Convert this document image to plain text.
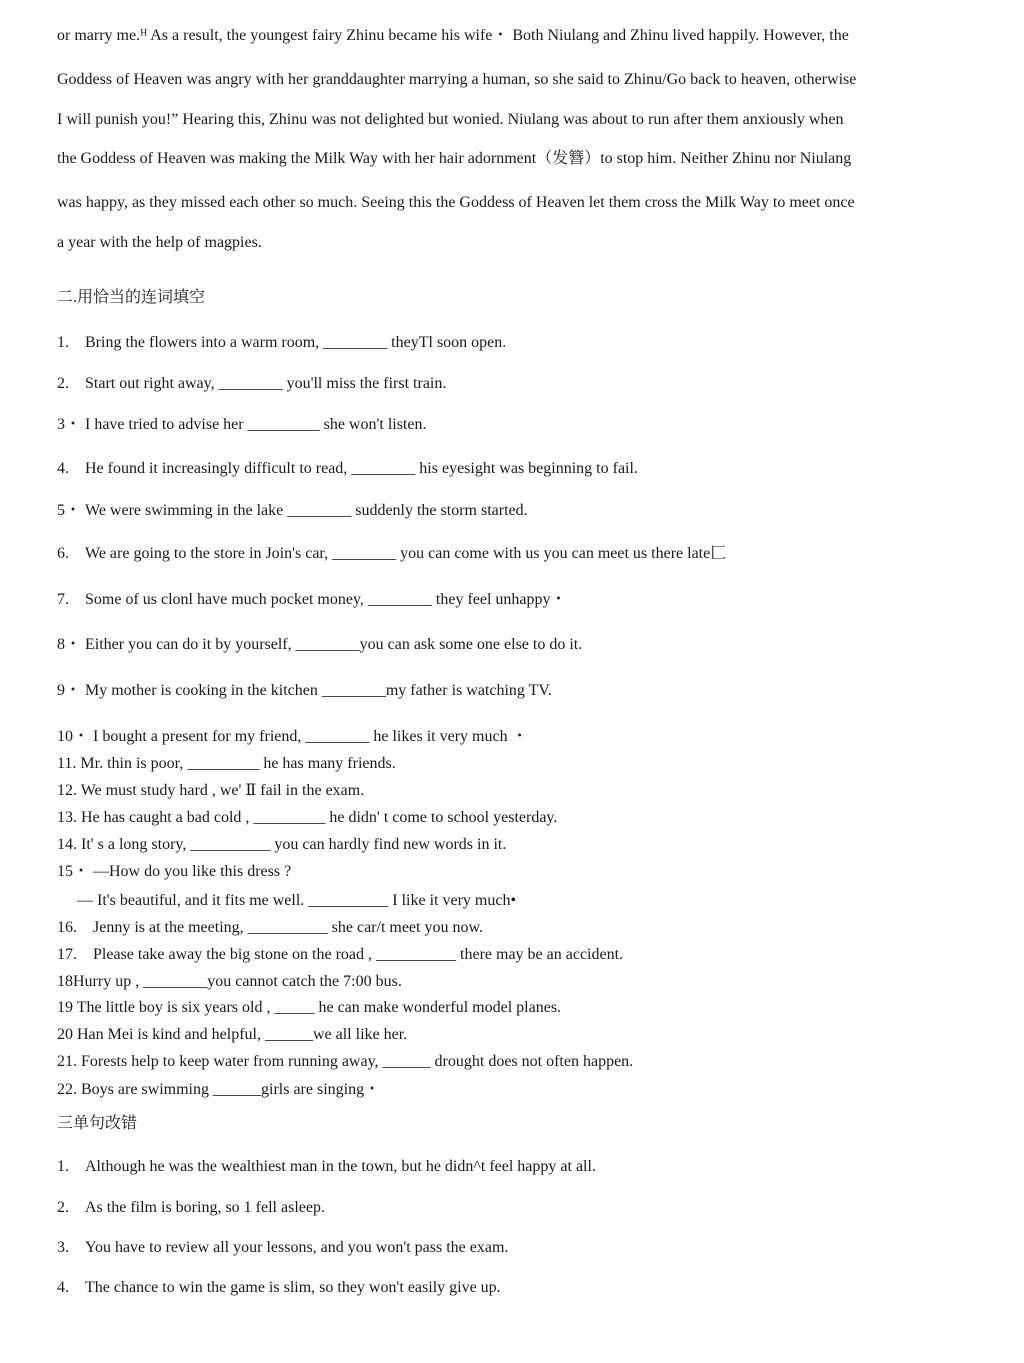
or marry me.ᴴ As a result, the youngest fairy Zhinu became his wife・ Both Niulang and Zhinu lived happily. However, the
Goddess of Heaven was angry with her granddaughter marrying a human, so she said to Zhinu/Go back to heaven, otherwise
I will punish you!” Hearing this, Zhinu was not delighted but wonied. Niulang was about to run after them anxiously when
the Goddess of Heaven was making the Milk Way with her hair adornment（发簪）to stop him. Neither Zhinu nor Niulang
was happy, as they missed each other so much. Seeing this the Goddess of Heaven let them cross the Milk Way to meet once
a year with the help of magpies.
二.用恰当的连词填空
1. Bring the flowers into a warm room, ________ theyTl soon open.
2. Start out right away, ________ you'll miss the first train.
3・ I have tried to advise her _________ she won't listen.
4. He found it increasingly difficult to read, ________ his eyesight was beginning to fail.
5・ We were swimming in the lake ________ suddenly the storm started.
6. We are going to the store in Join's car, ________ you can come with us you can meet us there late匚
7. Some of us clonl have much pocket money, ________ they feel unhappy・
8・ Either you can do it by yourself, ________you can ask some one else to do it.
9・ My mother is cooking in the kitchen ________my father is watching TV.
10・ I bought a present for my friend, ________ he likes it very much ・
11. Mr. thin is poor, _________ he has many friends.
12. We must study hard , we' Ⅱ fail in the exam.
13. He has caught a bad cold , _________ he didn' t come to school yesterday.
14. It' s a long story, __________ you can hardly find new words in it.
15・ —How do you like this dress ?
  — It's beautiful, and it fits me well. __________ I like it very much•
16. Jenny is at the meeting, __________ she car/t meet you now.
17. Please take away the big stone on the road , __________ there may be an accident.
18Hurry up , ________you cannot catch the 7:00 bus.
19 The little boy is six years old , _____ he can make wonderful model planes.
20 Han Mei is kind and helpful, ______we all like her.
21. Forests help to keep water from running away, ______ drought does not often happen.
22. Boys are swimming ______girls are singing・
三单句改错
1. Although he was the wealthiest man in the town, but he didn^t feel happy at all.
2. As the film is boring, so 1 fell asleep.
3. You have to review all your lessons, and you won't pass the exam.
4. The chance to win the game is slim, so they won't easily give up.
